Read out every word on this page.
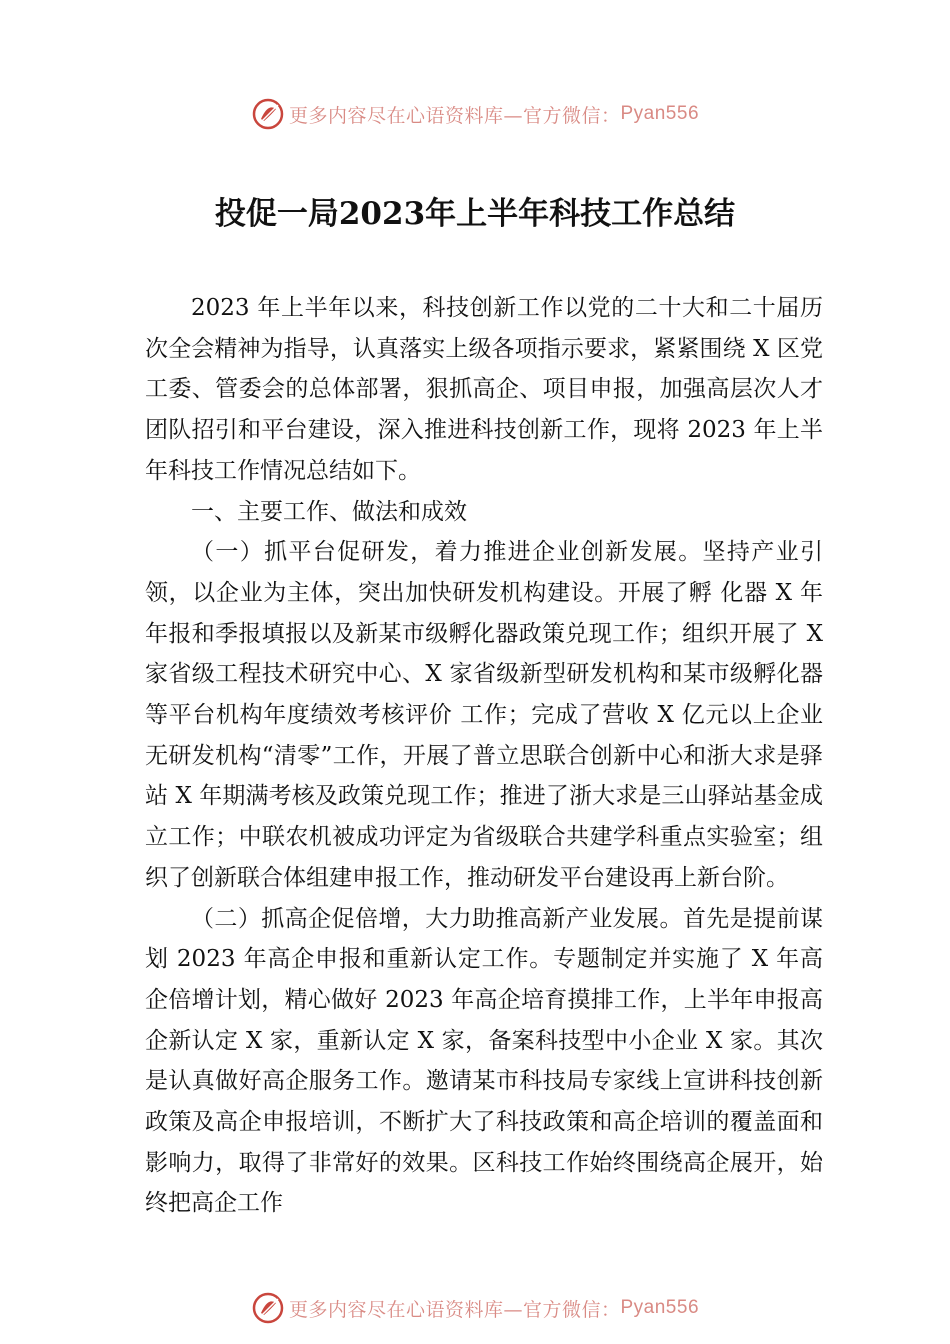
更多内容尽在心语资料库—官方微信： Pyan556
投促一局2023年上半年科技工作总结

2023 年上半年以来，科技创新工作以党的二十大和二十届历次全会精神为指导，认真落实上级各项指示要求，紧紧围绕 X 区党工委、管委会的总体部署，狠抓高企、项目申报，加强高层次人才团队招引和平台建设，深入推进科技创新工作，现将 2023 年上半年科技工作情况总结如下。

一、主要工作、做法和成效

（一）抓平台促研发，着力推进企业创新发展。坚持产业引领，以企业为主体，突出加快研发机构建设。开展了孵 化器 X 年年报和季报填报以及新某市级孵化器政策兑现工作；组织开展了 X 家省级工程技术研究中心、X 家省级新型研发机构和某市级孵化器等平台机构年度绩效考核评价 工作；完成了营收 X 亿元以上企业无研发机构“清零”工作，开展了普立思联合创新中心和浙大求是驿站 X 年期满考核及政策兑现工作；推进了浙大求是三山驿站基金成立工作；中联农机被成功评定为省级联合共建学科重点实验室；组织了创新联合体组建申报工作，推动研发平台建设再上新台阶。

（二）抓高企促倍增，大力助推高新产业发展。首先是提前谋划 2023 年高企申报和重新认定工作。专题制定并实施了 X 年高企倍增计划，精心做好 2023 年高企培育摸排工作，上半年申报高企新认定 X 家，重新认定 X 家，备案科技型中小企业 X 家。其次是认真做好高企服务工作。邀请某市科技局专家线上宣讲科技创新政策及高企申报培训，不断扩大了科技政策和高企培训的覆盖面和影响力，取得了非常好的效果。区科技工作始终围绕高企展开，始终把高企工作

更多内容尽在心语资料库—官方微信： Pyan556
